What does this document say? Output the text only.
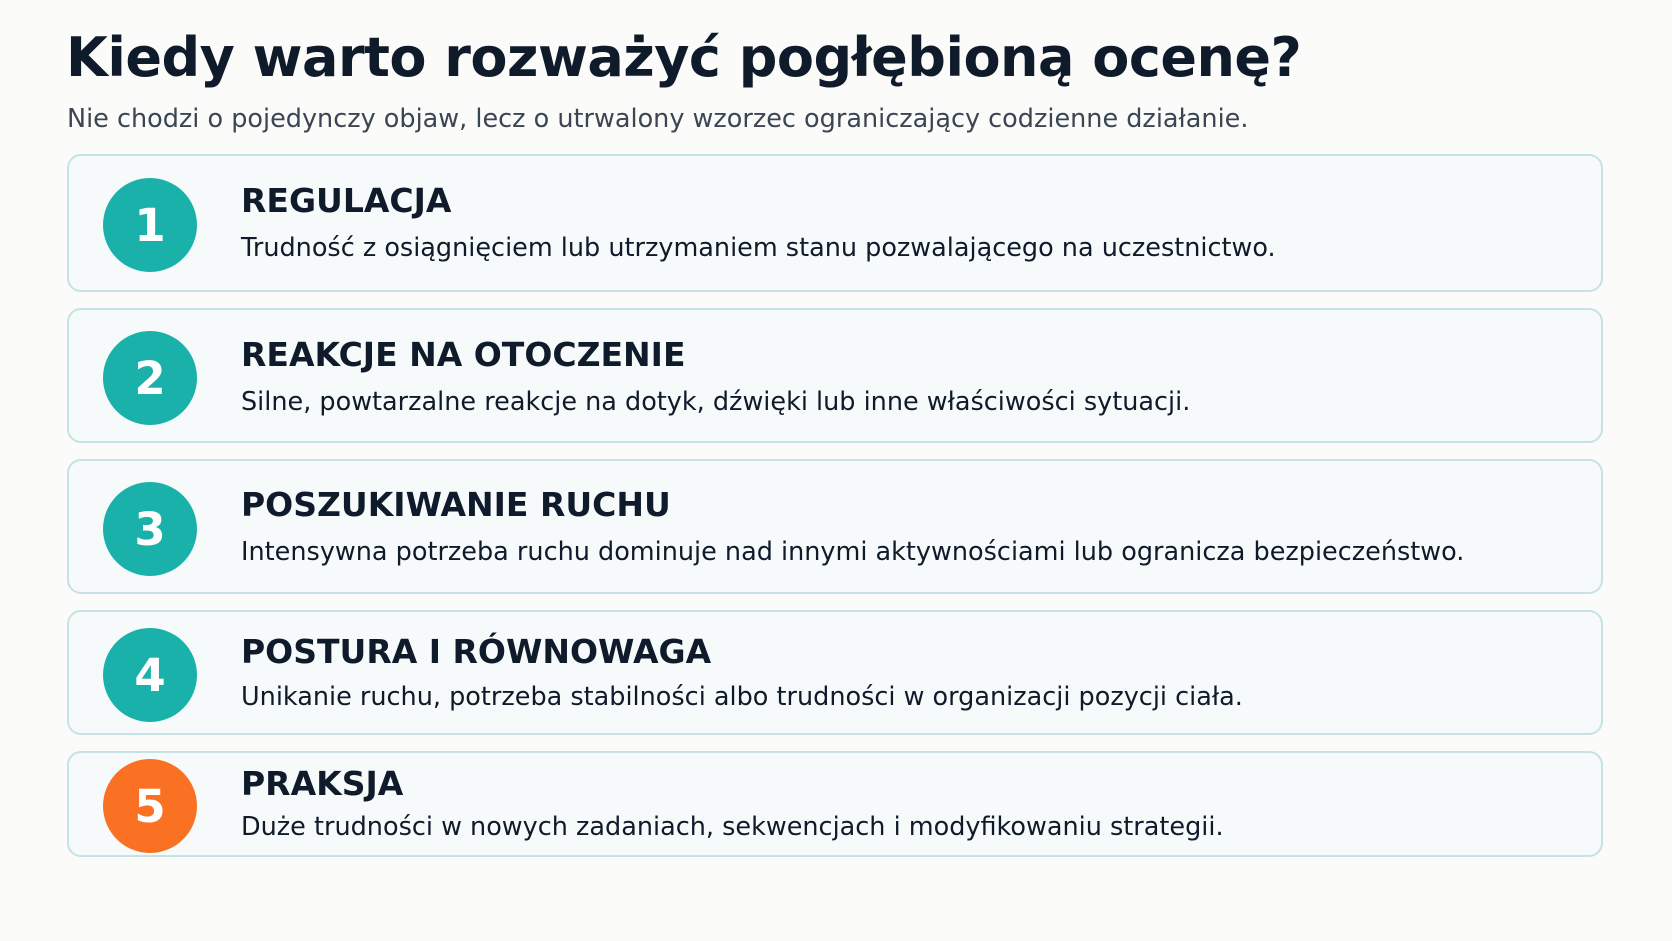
Kiedy warto rozważyć pogłębioną ocenę?

Nie chodzi o pojedynczy objaw, lecz o utrwalony wzorzec ograniczający codzienne działanie.

1	REGULACJA

Trudność z osiągnięciem lub utrzymaniem stanu pozwalającego na uczestnictwo.

2	REAKCJE NA OTOCZENIE

Silne, powtarzalne reakcje na dotyk, dźwięki lub inne właściwości sytuacji.

3	POSZUKIWANIE RUCHU

Intensywna potrzeba ruchu dominuje nad innymi aktywnościami lub ogranicza bezpieczeństwo.

4	POSTURA I RÓWNOWAGA

Unikanie ruchu, potrzeba stabilności albo trudności w organizacji pozycji ciała.

5	PRAKSJA

Duże trudności w nowych zadaniach, sekwencjach i modyfikowaniu strategii.
